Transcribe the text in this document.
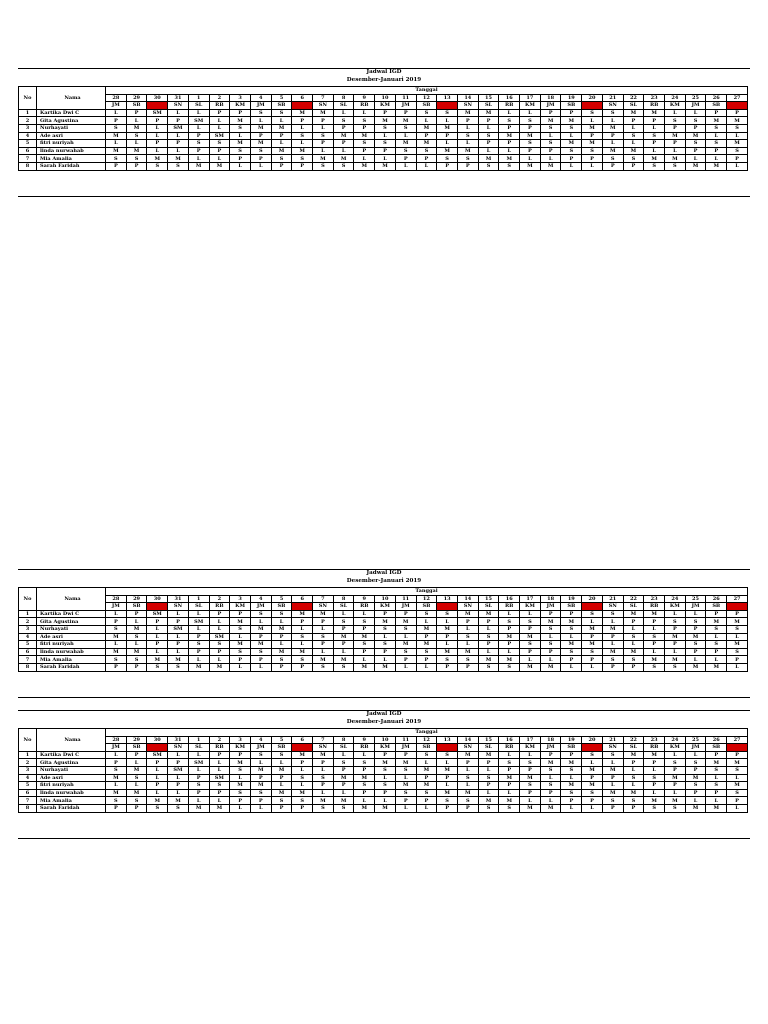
Jadwal IGD
Desember-Januari 2019
No	Nama	Tanggal																														
		28	29	30	31	1	2	3	4	5	6	7	8	9	10	11	12	13	14	15	16	17	18	19	20	21	22	23	24	25	26	27
		JM	SB	MG	SN	SL	RB	KM	JM	SB	MG	SN	SL	RB	KM	JM	SB	MG	SN	SL	RB	KM	JM	SB	MG	SN	SL	RB	KM	JM	SB	MG
1	Kartika Dwi C	L	P	SM	L	L	P	P	S	S	M	M	L	L	P	P	S	S	M	M	L	L	P	P	S	S	M	M	L	L	P	P
2	Gita Agustina	P	L	P	P	SM	L	M	L	L	P	P	S	S	M	M	L	L	P	P	S	S	M	M	L	L	P	P	S	S	M	M
3	Nurhayati	S	M	L	SM	L	L	S	M	M	L	L	P	P	S	S	M	M	L	L	P	P	S	S	M	M	L	L	P	P	S	S
4	Ade asri	M	S	L	L	P	SM	L	P	P	S	S	M	M	L	L	P	P	S	S	M	M	L	L	P	P	S	S	M	M	L	L
5	fitri nuriyah	L	L	P	P	S	S	M	M	L	L	P	P	S	S	M	M	L	L	P	P	S	S	M	M	L	L	P	P	S	S	M
6	linda nurwahab	M	M	L	L	P	P	S	S	M	M	L	L	P	P	S	S	M	M	L	L	P	P	S	S	M	M	L	L	P	P	S
7	Mia Amalia	S	S	M	M	L	L	P	P	S	S	M	M	L	L	P	P	S	S	M	M	L	L	P	P	S	S	M	M	L	L	P
8	Sarah Faridah	P	P	S	S	M	M	L	L	P	P	S	S	M	M	L	L	P	P	S	S	M	M	L	L	P	P	S	S	M	M	L
Jadwal IGD
Desember-Januari 2019
No	Nama	Tanggal																														
		28	29	30	31	1	2	3	4	5	6	7	8	9	10	11	12	13	14	15	16	17	18	19	20	21	22	23	24	25	26	27
		JM	SB	MG	SN	SL	RB	KM	JM	SB	MG	SN	SL	RB	KM	JM	SB	MG	SN	SL	RB	KM	JM	SB	MG	SN	SL	RB	KM	JM	SB	MG
1	Kartika Dwi C	L	P	SM	L	L	P	P	S	S	M	M	L	L	P	P	S	S	M	M	L	L	P	P	S	S	M	M	L	L	P	P
2	Gita Agustina	P	L	P	P	SM	L	M	L	L	P	P	S	S	M	M	L	L	P	P	S	S	M	M	L	L	P	P	S	S	M	M
3	Nurhayati	S	M	L	SM	L	L	S	M	M	L	L	P	P	S	S	M	M	L	L	P	P	S	S	M	M	L	L	P	P	S	S
4	Ade asri	M	S	L	L	P	SM	L	P	P	S	S	M	M	L	L	P	P	S	S	M	M	L	L	P	P	S	S	M	M	L	L
5	fitri nuriyah	L	L	P	P	S	S	M	M	L	L	P	P	S	S	M	M	L	L	P	P	S	S	M	M	L	L	P	P	S	S	M
6	linda nurwahab	M	M	L	L	P	P	S	S	M	M	L	L	P	P	S	S	M	M	L	L	P	P	S	S	M	M	L	L	P	P	S
7	Mia Amalia	S	S	M	M	L	L	P	P	S	S	M	M	L	L	P	P	S	S	M	M	L	L	P	P	S	S	M	M	L	L	P
8	Sarah Faridah	P	P	S	S	M	M	L	L	P	P	S	S	M	M	L	L	P	P	S	S	M	M	L	L	P	P	S	S	M	M	L
Jadwal IGD
Desember-Januari 2019
No	Nama	Tanggal																														
		28	29	30	31	1	2	3	4	5	6	7	8	9	10	11	12	13	14	15	16	17	18	19	20	21	22	23	24	25	26	27
		JM	SB	MG	SN	SL	RB	KM	JM	SB	MG	SN	SL	RB	KM	JM	SB	MG	SN	SL	RB	KM	JM	SB	MG	SN	SL	RB	KM	JM	SB	MG
1	Kartika Dwi C	L	P	SM	L	L	P	P	S	S	M	M	L	L	P	P	S	S	M	M	L	L	P	P	S	S	M	M	L	L	P	P
2	Gita Agustina	P	L	P	P	SM	L	M	L	L	P	P	S	S	M	M	L	L	P	P	S	S	M	M	L	L	P	P	S	S	M	M
3	Nurhayati	S	M	L	SM	L	L	S	M	M	L	L	P	P	S	S	M	M	L	L	P	P	S	S	M	M	L	L	P	P	S	S
4	Ade asri	M	S	L	L	P	SM	L	P	P	S	S	M	M	L	L	P	P	S	S	M	M	L	L	P	P	S	S	M	M	L	L
5	fitri nuriyah	L	L	P	P	S	S	M	M	L	L	P	P	S	S	M	M	L	L	P	P	S	S	M	M	L	L	P	P	S	S	M
6	linda nurwahab	M	M	L	L	P	P	S	S	M	M	L	L	P	P	S	S	M	M	L	L	P	P	S	S	M	M	L	L	P	P	S
7	Mia Amalia	S	S	M	M	L	L	P	P	S	S	M	M	L	L	P	P	S	S	M	M	L	L	P	P	S	S	M	M	L	L	P
8	Sarah Faridah	P	P	S	S	M	M	L	L	P	P	S	S	M	M	L	L	P	P	S	S	M	M	L	L	P	P	S	S	M	M	L
